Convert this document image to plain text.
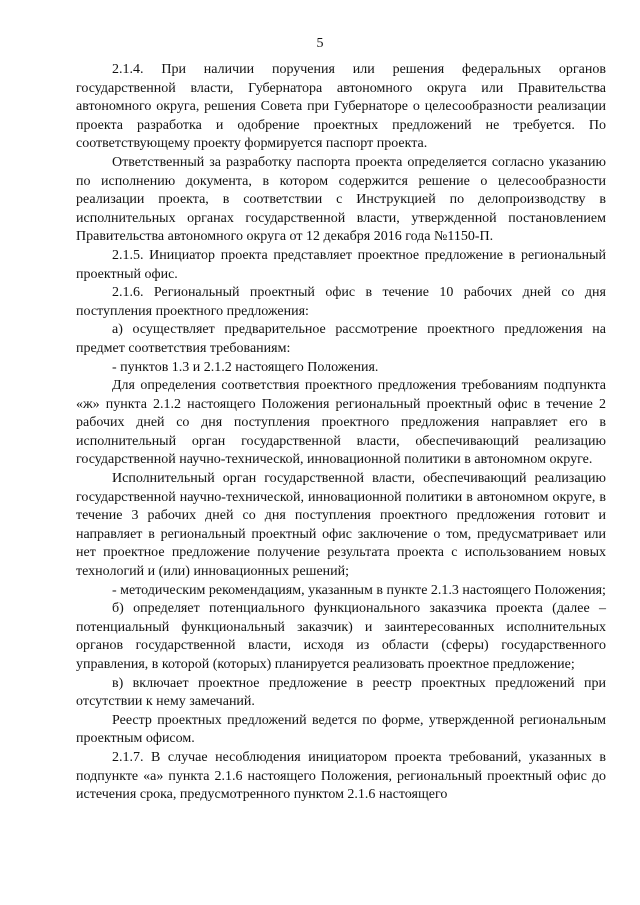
5

2.1.4. При наличии поручения или решения федеральных органов государственной власти, Губернатора автономного округа или Правительства автономного округа, решения Совета при Губернаторе о целесообразности реализации проекта разработка и одобрение проектных предложений не требуется. По соответствующему проекту формируется паспорт проекта.

Ответственный за разработку паспорта проекта определяется согласно указанию по исполнению документа, в котором содержится решение о целесообразности реализации проекта, в соответствии с Инструкцией по делопроизводству в исполнительных органах государственной власти, утвержденной постановлением Правительства автономного округа от 12 декабря 2016 года №1150-П.

2.1.5. Инициатор проекта представляет проектное предложение в региональный проектный офис.

2.1.6. Региональный проектный офис в течение 10 рабочих дней со дня поступления проектного предложения:

а) осуществляет предварительное рассмотрение проектного предложения на предмет соответствия требованиям:

- пунктов 1.3 и 2.1.2 настоящего Положения.

Для определения соответствия проектного предложения требованиям подпункта «ж» пункта 2.1.2 настоящего Положения региональный проектный офис в течение 2 рабочих дней со дня поступления проектного предложения направляет его в исполнительный орган государственной власти, обеспечивающий реализацию государственной научно-технической, инновационной политики в автономном округе.

Исполнительный орган государственной власти, обеспечивающий реализацию государственной научно-технической, инновационной политики в автономном округе, в течение 3 рабочих дней со дня поступления проектного предложения готовит и направляет в региональный проектный офис заключение о том, предусматривает или нет проектное предложение получение результата проекта с использованием новых технологий и (или) инновационных решений;

- методическим рекомендациям, указанным в пункте 2.1.3 настоящего Положения;

б) определяет потенциального функционального заказчика проекта (далее – потенциальный функциональный заказчик) и заинтересованных исполнительных органов государственной власти, исходя из области (сферы) государственного управления, в которой (которых) планируется реализовать проектное предложение;

в) включает проектное предложение в реестр проектных предложений при отсутствии к нему замечаний.

Реестр проектных предложений ведется по форме, утвержденной региональным проектным офисом.

2.1.7. В случае несоблюдения инициатором проекта требований, указанных в подпункте «а» пункта 2.1.6 настоящего Положения, региональный проектный офис до истечения срока, предусмотренного пунктом 2.1.6 настоящего
